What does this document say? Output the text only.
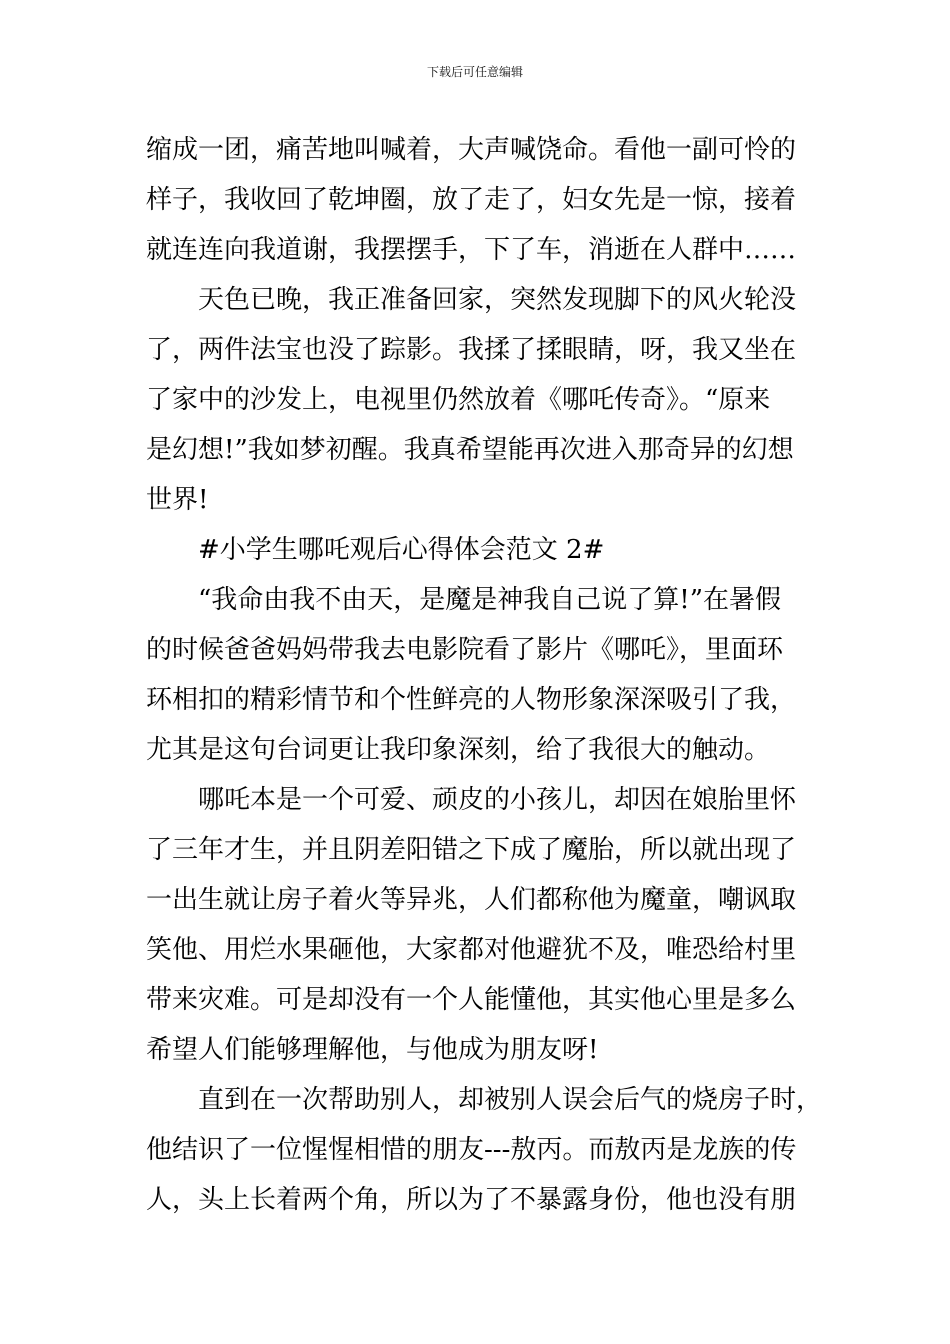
下载后可任意编辑
缩成一团，痛苦地叫喊着，大声喊饶命。看他一副可怜的
样子，我收回了乾坤圈，放了走了，妇女先是一惊，接着
就连连向我道谢，我摆摆手，下了车，消逝在人群中……
天色已晚，我正准备回家，突然发现脚下的风火轮没
了，两件法宝也没了踪影。我揉了揉眼睛，呀，我又坐在
了家中的沙发上，电视里仍然放着《哪吒传奇》。“原来
是幻想!”我如梦初醒。我真希望能再次进入那奇异的幻想
世界!
#小学生哪吒观后心得体会范文 2#
“我命由我不由天，是魔是神我自己说了算!”在暑假
的时候爸爸妈妈带我去电影院看了影片《哪吒》，里面环
环相扣的精彩情节和个性鲜亮的人物形象深深吸引了我，
尤其是这句台词更让我印象深刻，给了我很大的触动。
哪吒本是一个可爱、顽皮的小孩儿，却因在娘胎里怀
了三年才生，并且阴差阳错之下成了魔胎，所以就出现了
一出生就让房子着火等异兆，人们都称他为魔童，嘲讽取
笑他、用烂水果砸他，大家都对他避犹不及，唯恐给村里
带来灾难。可是却没有一个人能懂他，其实他心里是多么
希望人们能够理解他，与他成为朋友呀!
直到在一次帮助别人，却被别人误会后气的烧房子时，
他结识了一位惺惺相惜的朋友---敖丙。而敖丙是龙族的传
人，头上长着两个角，所以为了不暴露身份，他也没有朋
